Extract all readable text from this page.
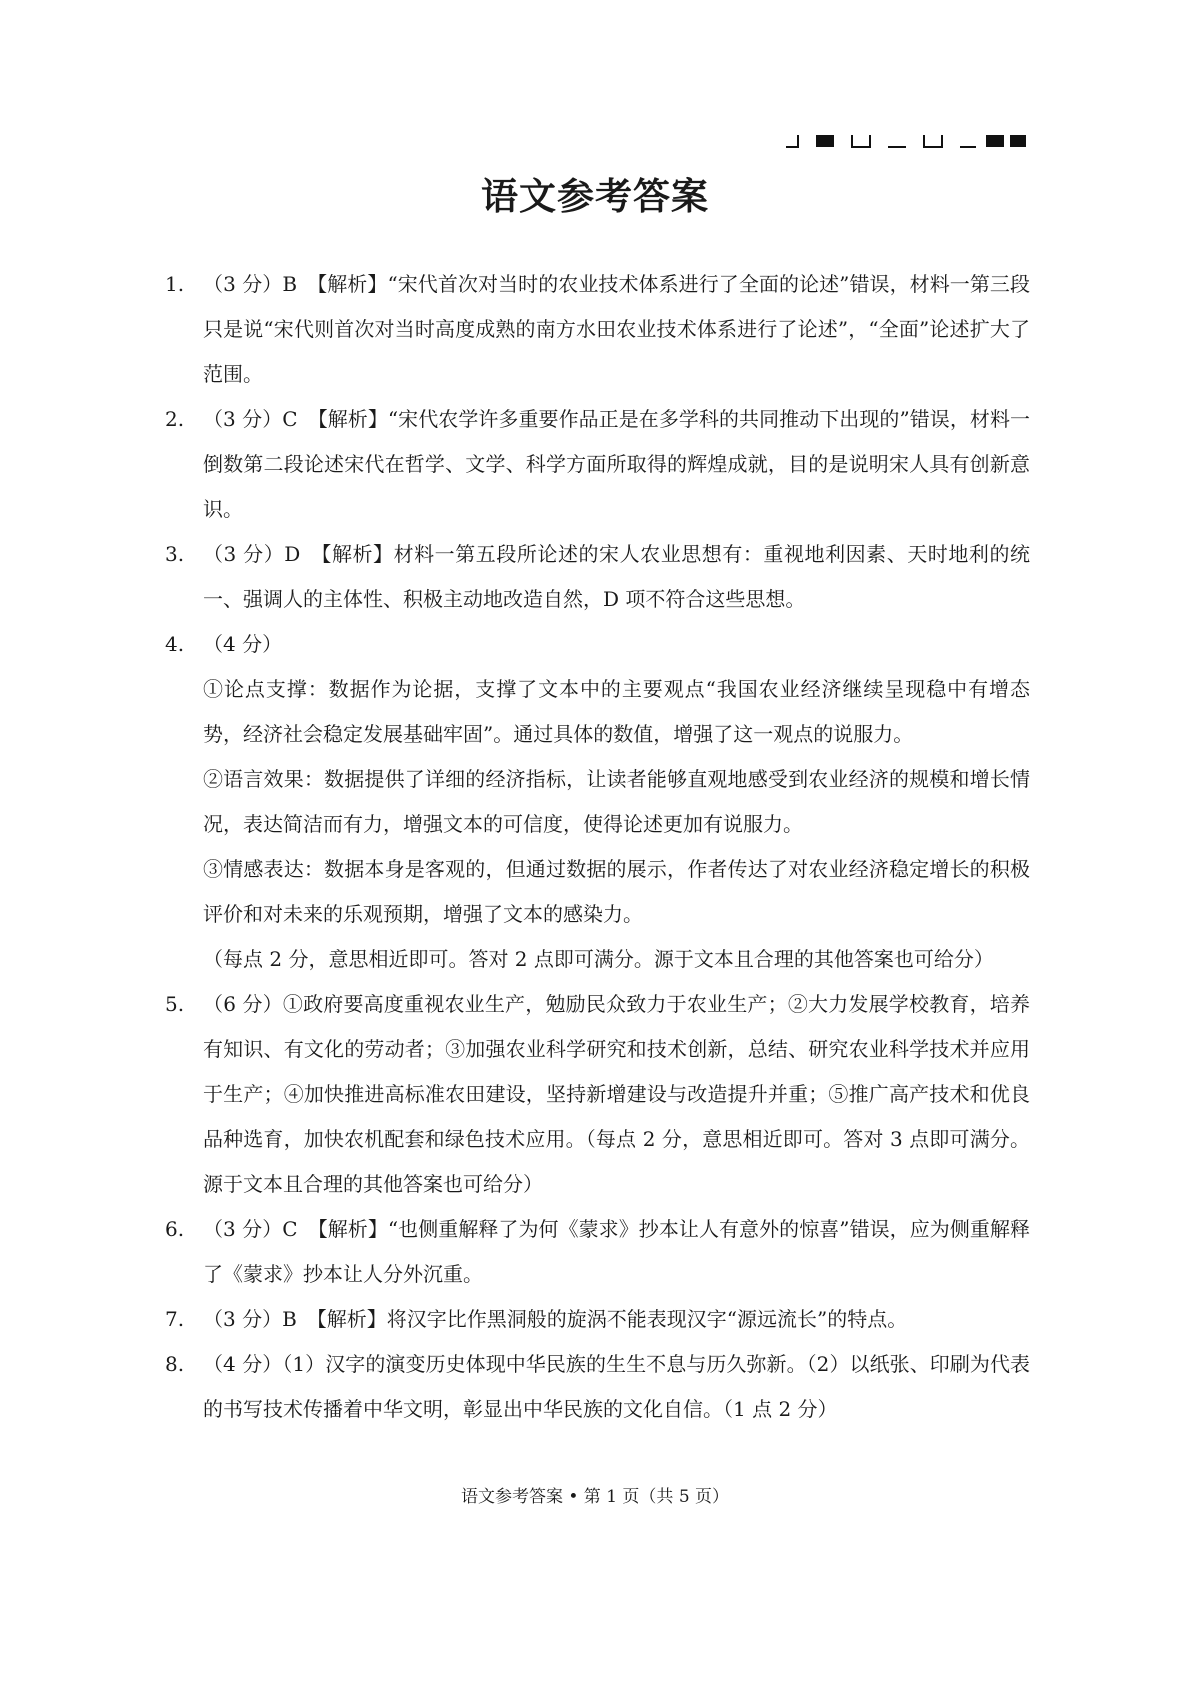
语文参考答案
1. （3 分）B　【解析】“宋代首次对当时的农业技术体系进行了全面的论述”错误，材料一第三段只是说“宋代则首次对当时高度成熟的南方水田农业技术体系进行了论述”，“全面”论述扩大了范围。
2. （3 分）C　【解析】“宋代农学许多重要作品正是在多学科的共同推动下出现的”错误，材料一倒数第二段论述宋代在哲学、文学、科学方面所取得的辉煌成就，目的是说明宋人具有创新意识。
3. （3 分）D　【解析】材料一第五段所论述的宋人农业思想有：重视地利因素、天时地利的统一、强调人的主体性、积极主动地改造自然，D 项不符合这些思想。
4. （4 分）
①论点支撑：数据作为论据，支撑了文本中的主要观点“我国农业经济继续呈现稳中有增态势，经济社会稳定发展基础牢固”。通过具体的数值，增强了这一观点的说服力。
②语言效果：数据提供了详细的经济指标，让读者能够直观地感受到农业经济的规模和增长情况，表达简洁而有力，增强文本的可信度，使得论述更加有说服力。
③情感表达：数据本身是客观的，但通过数据的展示，作者传达了对农业经济稳定增长的积极评价和对未来的乐观预期，增强了文本的感染力。
（每点 2 分，意思相近即可。答对 2 点即可满分。源于文本且合理的其他答案也可给分）
5. （6 分）①政府要高度重视农业生产，勉励民众致力于农业生产；②大力发展学校教育，培养有知识、有文化的劳动者；③加强农业科学研究和技术创新，总结、研究农业科学技术并应用于生产；④加快推进高标准农田建设，坚持新增建设与改造提升并重；⑤推广高产技术和优良品种选育，加快农机配套和绿色技术应用。（每点 2 分，意思相近即可。答对 3 点即可满分。源于文本且合理的其他答案也可给分）
6. （3 分）C　【解析】“也侧重解释了为何《蒙求》抄本让人有意外的惊喜”错误，应为侧重解释了《蒙求》抄本让人分外沉重。
7. （3 分）B　【解析】将汉字比作黑洞般的旋涡不能表现汉字“源远流长”的特点。
8. （4 分）（1）汉字的演变历史体现中华民族的生生不息与历久弥新。（2）以纸张、印刷为代表的书写技术传播着中华文明，彰显出中华民族的文化自信。（1 点 2 分）
语文参考答案 • 第 1 页（共 5 页）
